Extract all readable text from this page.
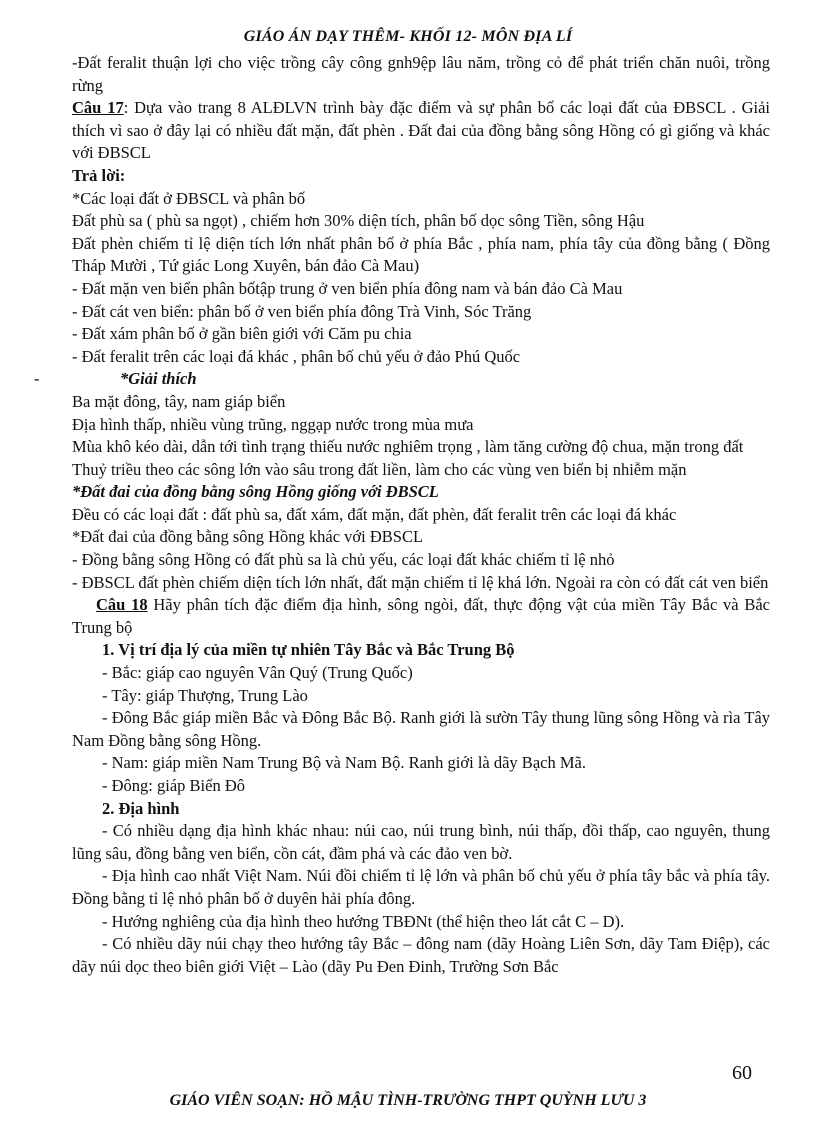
GIÁO ÁN DẠY THÊM- KHỐI 12- MÔN ĐỊA LÍ

-Đất feralit thuận lợi cho việc trồng cây công gnh9ệp lâu năm, trồng cỏ để phát triển chăn nuôi, trồng rừng

Câu 17: Dựa vào trang 8 ALĐLVN trình bày đặc điểm và sự phân bố các loại đất của ĐBSCL . Giải thích vì sao ở đây lại có nhiều đất mặn, đất phèn . Đất đai của đồng bằng sông Hồng có gì giống và khác với ĐBSCL

Trả lời:

*Các loại đất ở ĐBSCL và phân bố

Đất phù sa ( phù sa ngọt) , chiếm hơn 30% diện tích, phân bố dọc sông Tiền, sông Hậu

Đất phèn chiếm tỉ lệ diện tích lớn nhất phân bố ở phía Bắc , phía nam, phía tây của đồng bằng ( Đồng Tháp Mười , Tứ giác Long Xuyên, bán đảo Cà Mau)

- Đất mặn ven biển phân bốtập trung ở ven biển phía đông nam và bán đảo Cà Mau

- Đất cát ven biển: phân bố ở ven biển phía đông Trà Vinh, Sóc Trăng

- Đất xám phân bố ở gần biên giới với Căm pu chia

- Đất feralit trên các loại đá khác , phân bố chủ yếu ở đảo Phú Quốc

-	*Giải thích

Ba mặt đông, tây, nam giáp biển

Địa hình thấp, nhiều vùng trũng, nggạp nước trong mùa mưa

Mùa khô kéo dài, dẫn tới tình trạng thiếu nước nghiêm trọng , làm tăng cường độ chua, mặn trong đất

Thuỷ triều theo các sông lớn vào sâu trong đất liền, làm cho các vùng ven biển bị nhiễm mặn

*Đất đai của đồng bằng sông Hồng giống với ĐBSCL

Đều có các loại đất : đất phù sa, đất xám, đất mặn, đất phèn, đất feralit trên các loại đá khác

*Đất đai của đồng bằng sông Hồng khác với ĐBSCL

- Đồng bằng sông Hồng có đất phù sa là chủ yếu, các loại đất khác chiếm tỉ lệ nhỏ

- ĐBSCL đất phèn chiếm diện tích lớn nhất, đất mặn chiếm tỉ lệ khá lớn. Ngoài ra còn có đất cát ven biển

Câu 18 Hãy phân tích đặc điểm địa hình, sông ngòi, đất, thực động vật của miền Tây Bắc và Bắc Trung bộ

1. Vị trí địa lý của miền tự nhiên Tây Bắc và Bắc Trung Bộ

- Bắc: giáp cao nguyên Vân Quý (Trung Quốc)

- Tây: giáp Thượng, Trung Lào

- Đông Bắc giáp miền Bắc và Đông Bắc Bộ. Ranh giới là sườn Tây thung lũng sông Hồng và rìa Tây Nam Đồng bằng sông Hồng.

- Nam: giáp miền Nam Trung Bộ và Nam Bộ. Ranh giới là dãy Bạch Mã.

- Đông: giáp Biển Đô

2. Địa hình

- Có nhiều dạng địa hình khác nhau: núi cao, núi trung bình, núi thấp, đồi thấp, cao nguyên, thung lũng sâu, đồng bằng ven biển, cồn cát, đầm phá và các đảo ven bờ.

- Địa hình cao nhất Việt Nam. Núi đồi chiếm tỉ lệ lớn và phân bố chủ yếu ở phía tây bắc và phía tây. Đồng bằng tỉ lệ nhỏ phân bố ở duyên hải phía đông.

- Hướng nghiêng của địa hình theo hướng TBĐNt (thể hiện theo lát cắt C – D).

- Có nhiều dãy núi chạy theo hướng tây Bắc – đông nam (dãy Hoàng Liên Sơn, dãy Tam Điệp), các dãy núi dọc theo biên giới Việt – Lào (dãy Pu Đen Đinh, Trường Sơn Bắc

60
GIÁO VIÊN SOẠN: HỒ MẬU TÌNH-TRƯỜNG THPT QUỲNH LƯU 3
